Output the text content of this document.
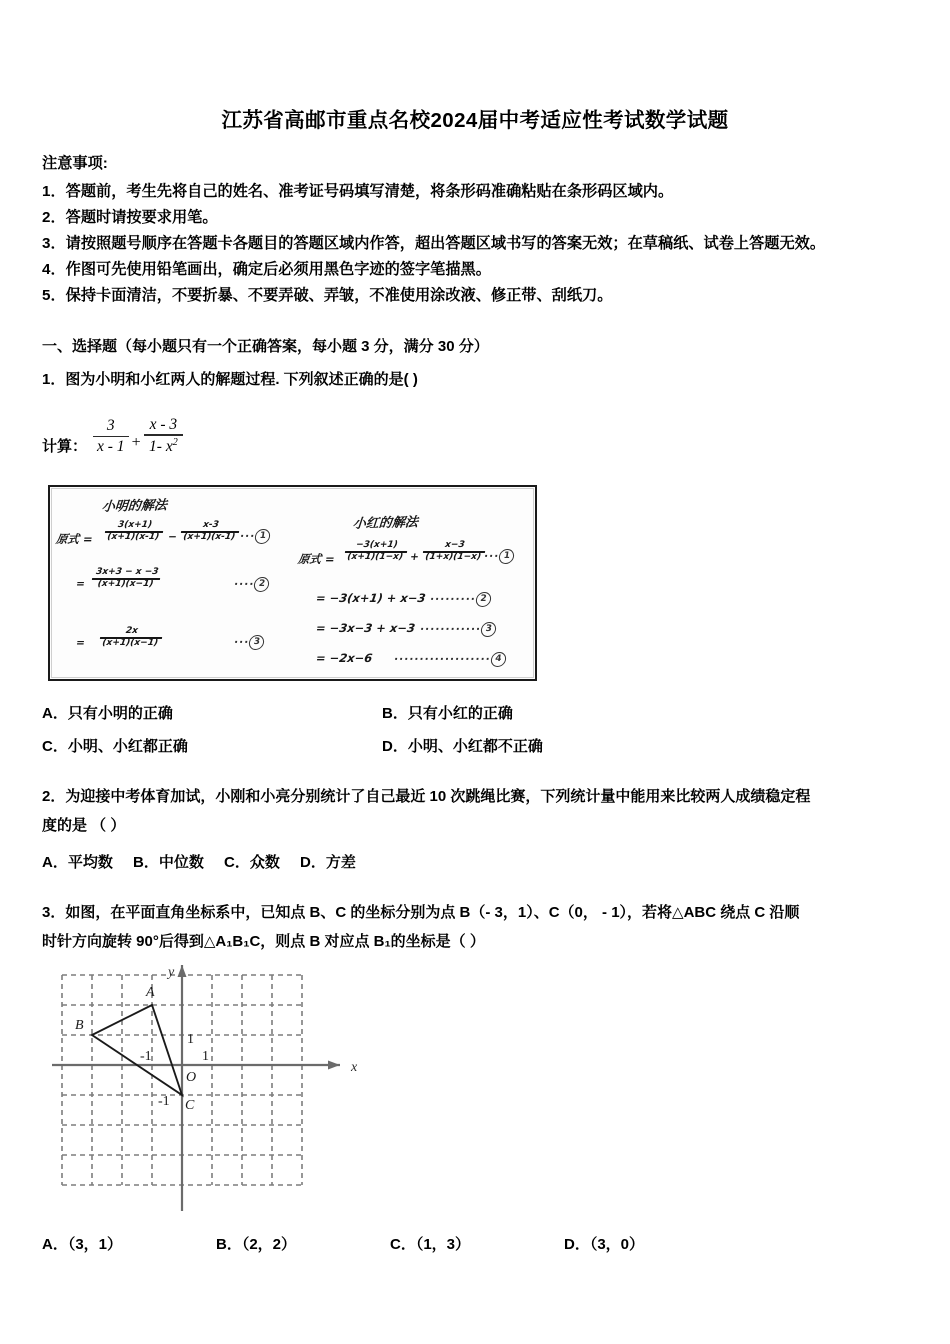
江苏省高邮市重点名校2024届中考适应性考试数学试题
注意事项:
1．答题前，考生先将自己的姓名、准考证号码填写清楚，将条形码准确粘贴在条形码区域内。
2．答题时请按要求用笔。
3．请按照题号顺序在答题卡各题目的答题区域内作答，超出答题区域书写的答案无效；在草稿纸、试卷上答题无效。
4．作图可先使用铅笔画出，确定后必须用黑色字迹的签字笔描黑。
5．保持卡面清洁，不要折暴、不要弄破、弄皱，不准使用涂改液、修正带、刮纸刀。
一、选择题（每小题只有一个正确答案，每小题 3 分，满分 30 分）
1．图为小明和小红两人的解题过程. 下列叙述正确的是( )
计算： $\frac{3}{x - 1} + \frac{x - 3}{1- x^2}$
小明的解法
原式 =
3(x+1)
(x+1)(x-1) −
x-3
(x+1)(x-1) ··· 1
=
3x+3 − x −3
(x+1)(x−1)	···· 2
=
2x
(x+1)(x−1)	··· 3
小红的解法
原式 =
−3(x+1)
(x+1)(1−x) +
x−3
(1+x)(1−x) ··· 1
= −3(x+1) + x−3 ········· 2
= −3x−3 + x−3 ············ 3
= −2x−6 ··················· 4
A．只有小明的正确	B．只有小红的正确
C．小明、小红都正确	D．小明、小红都不正确
2．为迎接中考体育加试，小刚和小亮分别统计了自己最近 10 次跳绳比赛，下列统计量中能用来比较两人成绩稳定程
度的是 （ ）
A．平均数 B．中位数 C．众数 D．方差
3．如图，在平面直角坐标系中，已知点 B、C 的坐标分别为点 B（- 3，1）、C（0， - 1），若将△ABC 绕点 C 沿顺
时针方向旋转 90°后得到△A₁B₁C，则点 B 对应点 B₁的坐标是（ ）
x
y
O
1
1
-1
-1
A
B
C
A．（3，1）	B．（2，2）	C．（1，3）	D．（3，0）
